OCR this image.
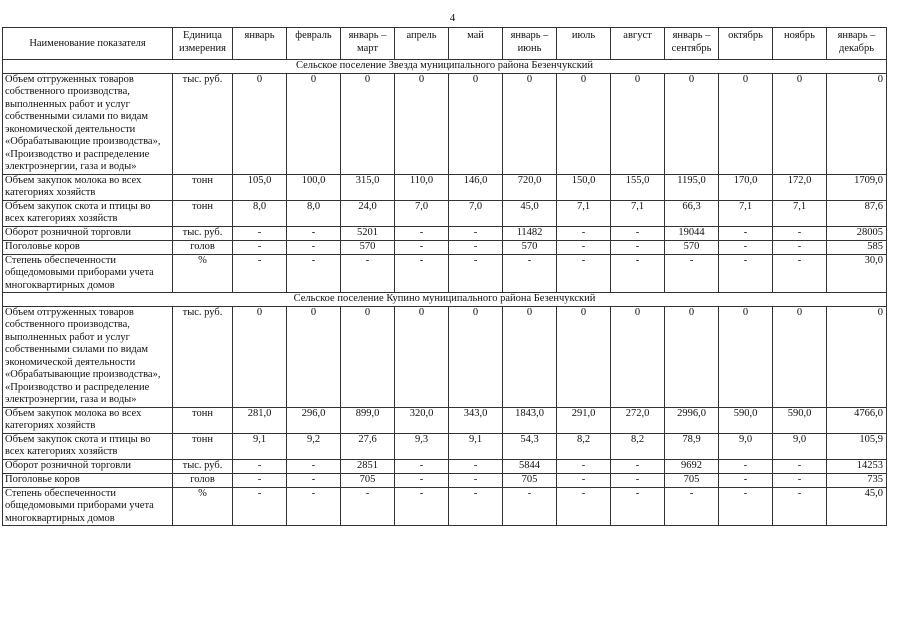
4
Наименование показателя	Единица измерения	январь	февраль	январь – март	апрель	май	январь – июнь	июль	август	январь – сентябрь	октябрь	ноябрь	январь – декабрь
Сельское поселение Звезда муниципального района Безенчукский													
Объем отгруженных товаров собственного производства, выполненных работ и услуг собственными силами по видам экономической деятельности «Обрабатывающие производства», «Производство и распределение электроэнергии, газа и воды»	тыс. руб.	0	0	0	0	0	0	0	0	0	0	0	0
Объем закупок молока во всех категориях хозяйств	тонн	105,0	100,0	315,0	110,0	146,0	720,0	150,0	155,0	1195,0	170,0	172,0	1709,0
Объем закупок скота и птицы во всех категориях хозяйств	тонн	8,0	8,0	24,0	7,0	7,0	45,0	7,1	7,1	66,3	7,1	7,1	87,6
Оборот розничной торговли	тыс. руб.	-	-	5201	-	-	11482	-	-	19044	-	-	28005
Поголовье коров	голов	-	-	570	-	-	570	-	-	570	-	-	585
Степень обеспеченности общедомовыми приборами учета многоквартирных домов	%	-	-	-	-	-	-	-	-	-	-	-	30,0
Сельское поселение Купино муниципального района Безенчукский													
Объем отгруженных товаров собственного производства, выполненных работ и услуг собственными силами по видам экономической деятельности «Обрабатывающие производства», «Производство и распределение электроэнергии, газа и воды»	тыс. руб.	0	0	0	0	0	0	0	0	0	0	0	0
Объем закупок молока во всех категориях хозяйств	тонн	281,0	296,0	899,0	320,0	343,0	1843,0	291,0	272,0	2996,0	590,0	590,0	4766,0
Объем закупок скота и птицы во всех категориях хозяйств	тонн	9,1	9,2	27,6	9,3	9,1	54,3	8,2	8,2	78,9	9,0	9,0	105,9
Оборот розничной торговли	тыс. руб.	-	-	2851	-	-	5844	-	-	9692	-	-	14253
Поголовье коров	голов	-	-	705	-	-	705	-	-	705	-	-	735
Степень обеспеченности общедомовыми приборами учета многоквартирных домов	%	-	-	-	-	-	-	-	-	-	-	-	45,0
